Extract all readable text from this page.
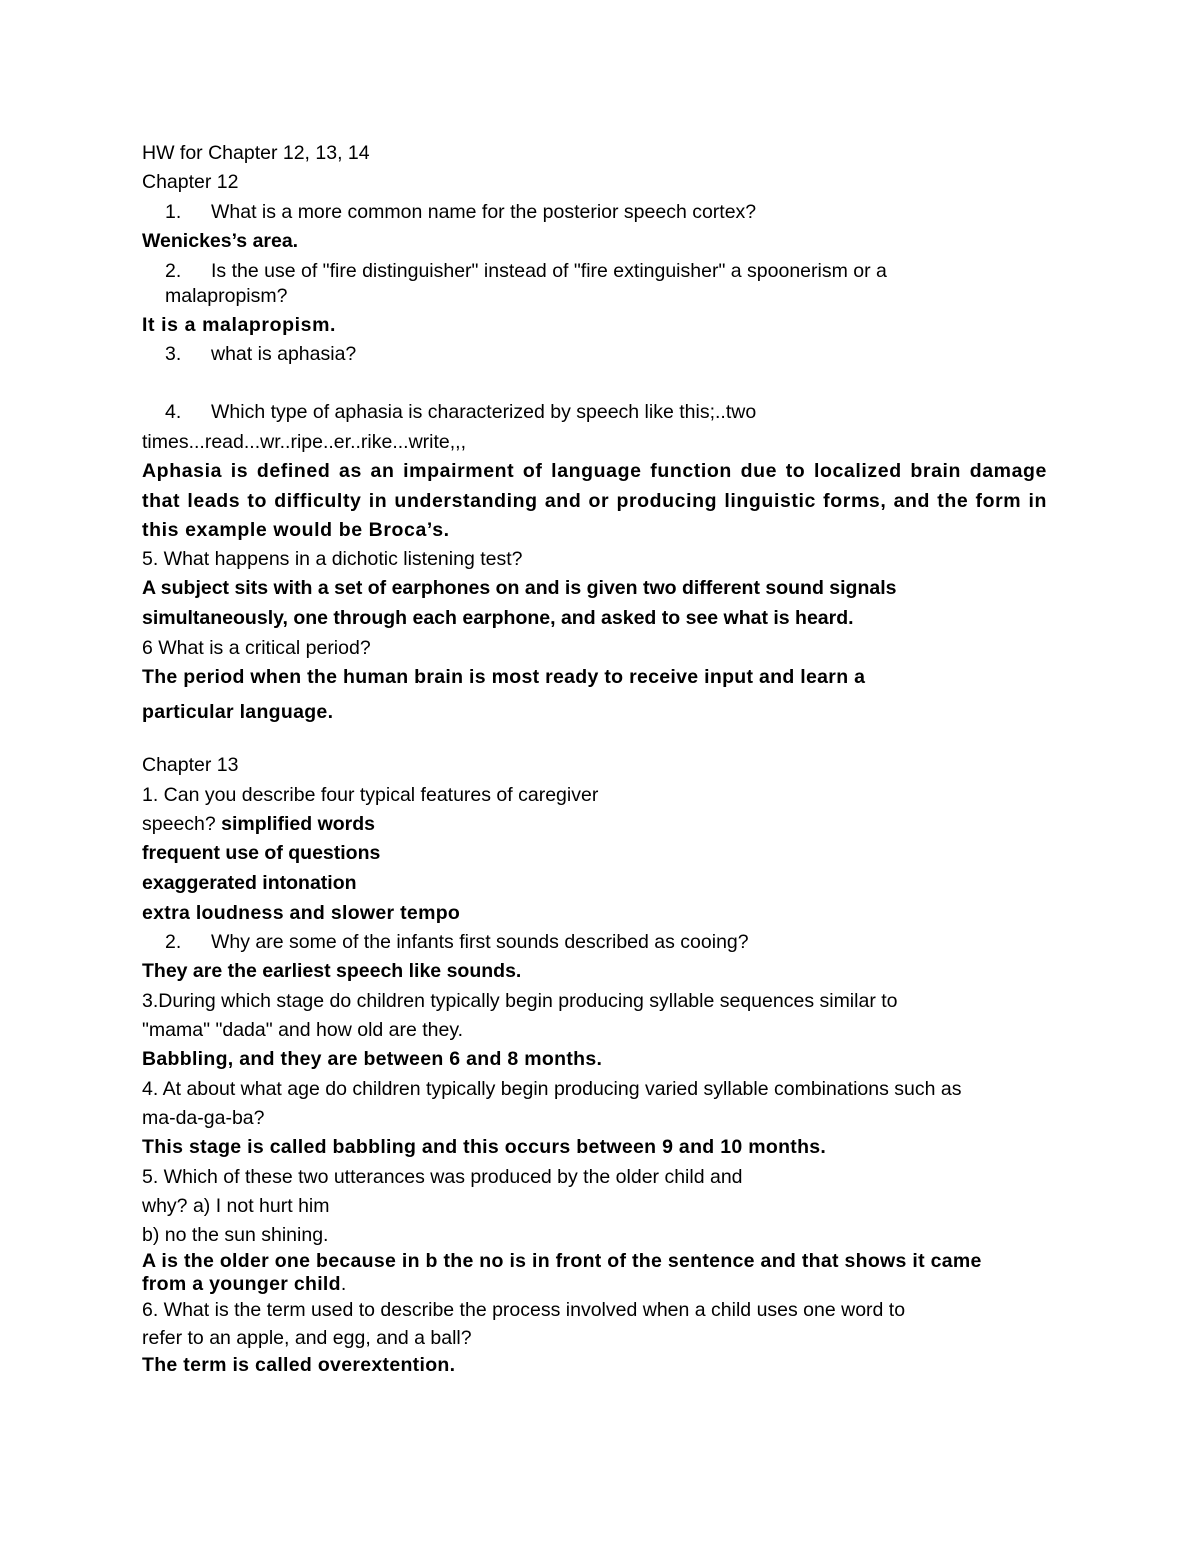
HW for Chapter 12, 13, 14
Chapter 12
1. What is a more common name for the posterior speech cortex?
Wenickes’s area.
2. Is the use of "fire distinguisher" instead of "fire extinguisher" a spoonerism or a
malapropism?
It is a malapropism.
3. what is aphasia?
4. Which type of aphasia is characterized by speech like this;..two
times...read...wr..ripe..er..rike...write,,,
Aphasia is defined as an impairment of language function due to localized brain damage that leads to difficulty in understanding and or producing linguistic forms, and the form in this example would be Broca’s.
5. What happens in a dichotic listening test?
A subject sits with a set of earphones on and is given two different sound signals
simultaneously, one through each earphone, and asked to see what is heard.
6 What is a critical period?
The period when the human brain is most ready to receive input and learn a
particular language.
Chapter 13
1. Can you describe four typical features of caregiver
speech? simplified words
frequent use of questions
exaggerated intonation
extra loudness and slower tempo
2. Why are some of the infants first sounds described as cooing?
They are the earliest speech like sounds.
3.During which stage do children typically begin producing syllable sequences similar to
"mama" "dada" and how old are they.
Babbling, and they are between 6 and 8 months.
4. At about what age do children typically begin producing varied syllable combinations such as
ma-da-ga-ba?
This stage is called babbling and this occurs between 9 and 10 months.
5. Which of these two utterances was produced by the older child and
why? a) I not hurt him
b) no the sun shining.
A is the older one because in b the no is in front of the sentence and that shows it came
from a younger child.
6. What is the term used to describe the process involved when a child uses one word to
refer to an apple, and egg, and a ball?
The term is called overextention.
